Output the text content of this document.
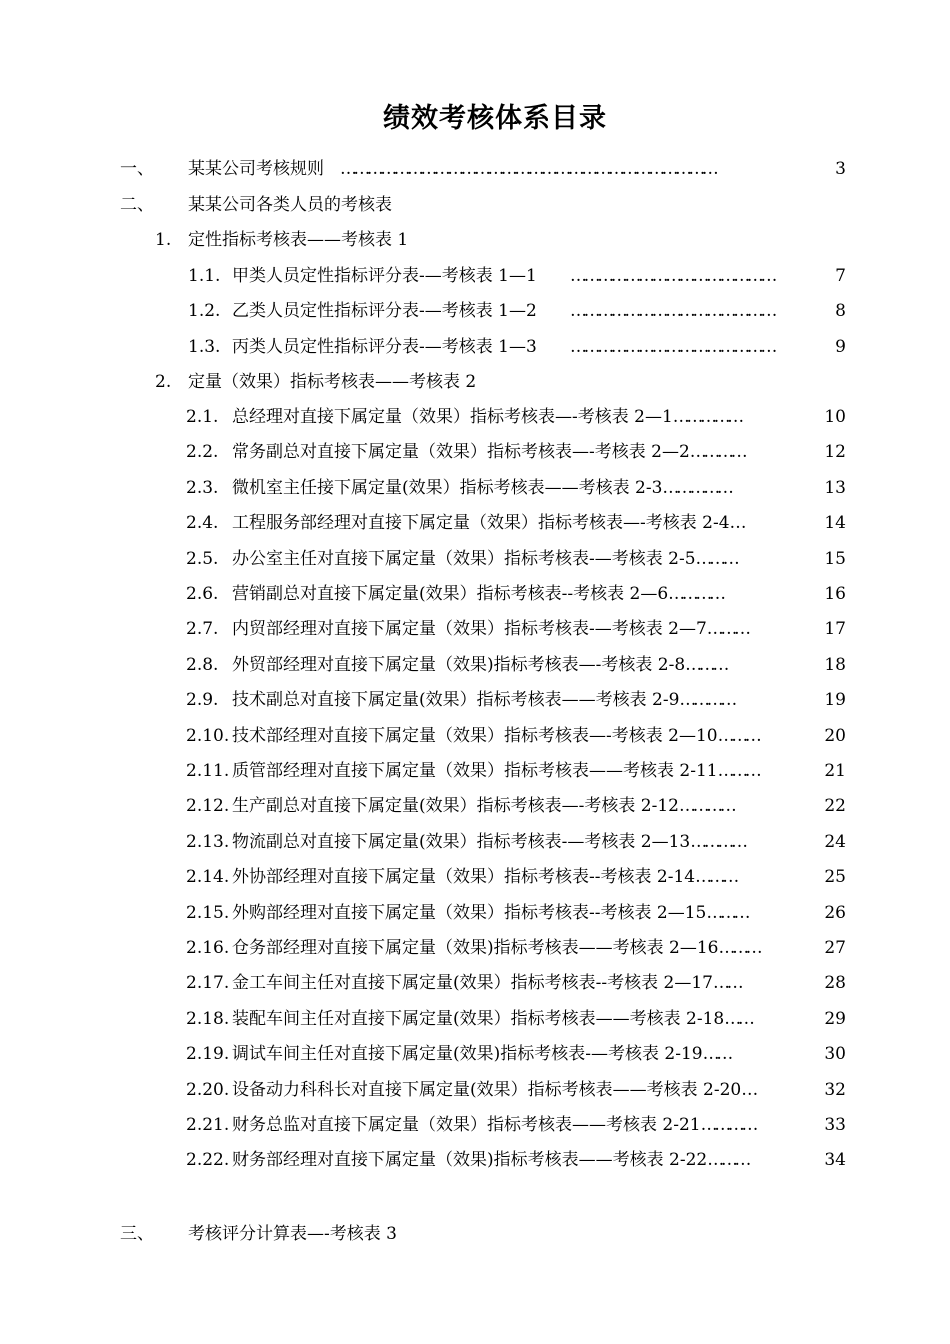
绩效考核体系目录
一、 某某公司考核规则 …………………………………………………………………………	3
二、 某某公司各类人员的考核表
1. 定性指标考核表——考核表 1
1.1. 甲类人员定性指标评分表-—考核表 1—1 ………………………………………	7
1.2. 乙类人员定性指标评分表-—考核表 1—2 ………………………………………	8
1.3. 丙类人员定性指标评分表-—考核表 1—3 ………………………………………	9
2. 定量（效果）指标考核表——考核表 2
2.1. 总经理对直接下属定量（效果）指标考核表—-考核表 2—1 ……………	10
2.2. 常务副总对直接下属定量（效果）指标考核表—-考核表 2—2 …………	12
2.3. 微机室主任接下属定量(效果）指标考核表——考核表 2-3 ……………	13
2.4. 工程服务部经理对直接下属定量（效果）指标考核表—-考核表 2-4 …	14
2.5. 办公室主任对直接下属定量（效果）指标考核表-—考核表 2-5 ………	15
2.6. 营销副总对直接下属定量(效果）指标考核表--考核表 2—6 …………	16
2.7. 内贸部经理对直接下属定量（效果）指标考核表-—考核表 2—7 ………	17
2.8. 外贸部经理对直接下属定量（效果)指标考核表—-考核表 2-8 ………	18
2.9. 技术副总对直接下属定量(效果）指标考核表——考核表 2-9 …………	19
2.10. 技术部经理对直接下属定量（效果）指标考核表—-考核表 2—10 ………	20
2.11. 质管部经理对直接下属定量（效果）指标考核表——考核表 2-11 ………	21
2.12. 生产副总对直接下属定量(效果）指标考核表—-考核表 2-12 …………	22
2.13. 物流副总对直接下属定量(效果）指标考核表-—考核表 2—13 …………	24
2.14. 外协部经理对直接下属定量（效果）指标考核表--考核表 2-14 ………	25
2.15. 外购部经理对直接下属定量（效果）指标考核表--考核表 2—15 ………	26
2.16. 仓务部经理对直接下属定量（效果)指标考核表——考核表 2—16 ………	27
2.17. 金工车间主任对直接下属定量(效果）指标考核表--考核表 2—17 ……	28
2.18. 装配车间主任对直接下属定量(效果）指标考核表——考核表 2-18 ……	29
2.19. 调试车间主任对直接下属定量(效果)指标考核表-—考核表 2-19 ……	30
2.20. 设备动力科科长对直接下属定量(效果）指标考核表——考核表 2-20 …	32
2.21. 财务总监对直接下属定量（效果）指标考核表——考核表 2-21 …………	33
2.22. 财务部经理对直接下属定量（效果)指标考核表——考核表 2-22 ………	34
三、 考核评分计算表—-考核表 3
